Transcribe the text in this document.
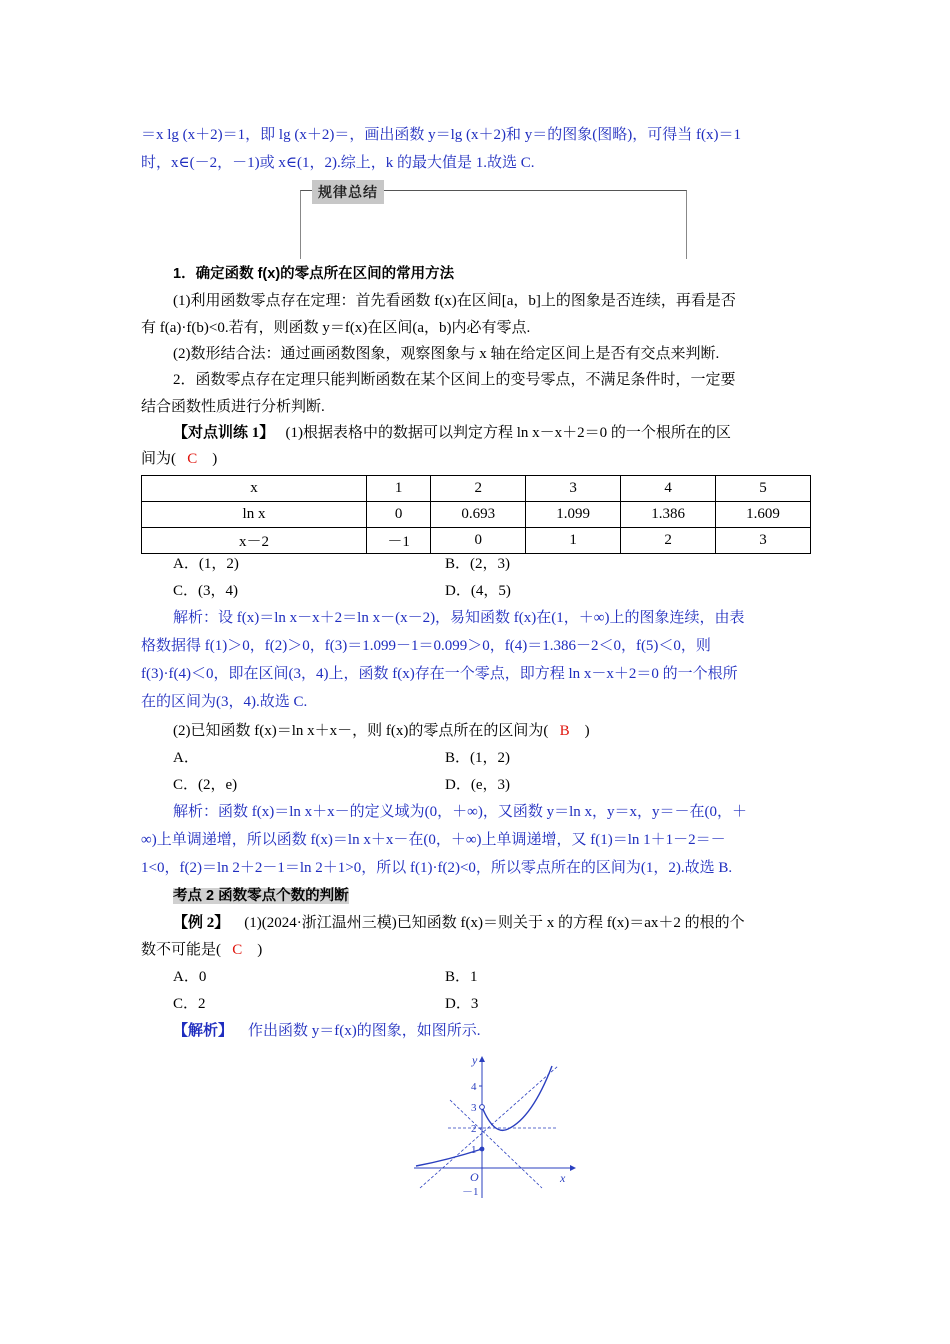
＝x lg (x＋2)＝1，即 lg (x＋2)＝，画出函数 y＝lg (x＋2)和 y＝的图象(图略)，可得当 f(x)＝1
时，x∈(－2，－1)或 x∈(1，2).综上，k 的最大值是 1.故选 C.
规律总结
1．确定函数 f(x)的零点所在区间的常用方法
(1)利用函数零点存在定理：首先看函数 f(x)在区间[a，b]上的图象是否连续，再看是否
有 f(a)·f(b)<0.若有，则函数 y＝f(x)在区间(a，b)内必有零点.
(2)数形结合法：通过画函数图象，观察图象与 x 轴在给定区间上是否有交点来判断.
2．函数零点存在定理只能判断函数在某个区间上的变号零点，不满足条件时，一定要
结合函数性质进行分析判断.
【对点训练 1】 (1)根据表格中的数据可以判定方程 ln x－x＋2＝0 的一个根所在的区
间为( C )
x	1	2	3	4	5
ln x	0	0.693	1.099	1.386	1.609
x－2	－1	0	1	2	3
A．(1，2)	B．(2，3)
C．(3，4)	D．(4，5)
解析：设 f(x)＝ln x－x＋2＝ln x－(x－2)，易知函数 f(x)在(1，＋∞)上的图象连续，由表
格数据得 f(1)＞0，f(2)＞0，f(3)＝1.099－1＝0.099＞0，f(4)＝1.386－2＜0，f(5)＜0，则
f(3)·f(4)＜0，即在区间(3，4)上，函数 f(x)存在一个零点，即方程 ln x－x＋2＝0 的一个根所
在的区间为(3，4).故选 C.
(2)已知函数 f(x)＝ln x＋x－，则 f(x)的零点所在的区间为( B )
A．	B．(1，2)
C．(2，e)	D．(e，3)
解析：函数 f(x)＝ln x＋x－的定义域为(0，＋∞)，又函数 y＝ln x，y＝x，y＝－在(0，＋
∞)上单调递增，所以函数 f(x)＝ln x＋x－在(0，＋∞)上单调递增，又 f(1)＝ln 1＋1－2＝－
1<0，f(2)＝ln 2＋2－1＝ln 2＋1>0，所以 f(1)·f(2)<0，所以零点所在的区间为(1，2).故选 B.
考点 2 函数零点个数的判断
【例 2】 (1)(2024·浙江温州三模)已知函数 f(x)＝则关于 x 的方程 f(x)＝ax＋2 的根的个
数不可能是( C )
A．0	B．1
C．2	D．3
【解析】 作出函数 y＝f(x)的图象，如图所示.
y
x
O
4
3
2
1
－1
